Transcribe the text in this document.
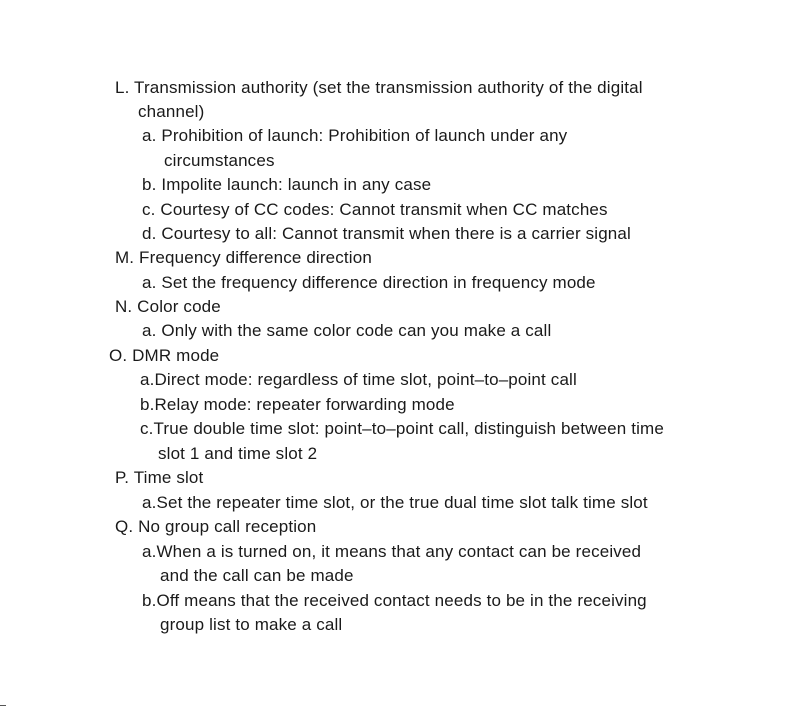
L. Transmission authority (set the transmission authority of the digital
channel)
a. Prohibition of launch: Prohibition of launch under any
circumstances
b. Impolite launch: launch in any case
c. Courtesy of CC codes: Cannot transmit when CC matches
d. Courtesy to all: Cannot transmit when there is a carrier signal
M. Frequency difference direction
a. Set the frequency difference direction in frequency mode
N. Color code
a. Only with the same color code can you make a call
O. DMR mode
a.Direct mode: regardless of time slot, point–to–point call
b.Relay mode: repeater forwarding mode
c.True double time slot: point–to–point call, distinguish between time
slot 1 and time slot 2
P. Time slot
a.Set the repeater time slot, or the true dual time slot talk time slot
Q. No group call reception
a.When a is turned on, it means that any contact can be received
and the call can be made
b.Off means that the received contact needs to be in the receiving
group list to make a call
